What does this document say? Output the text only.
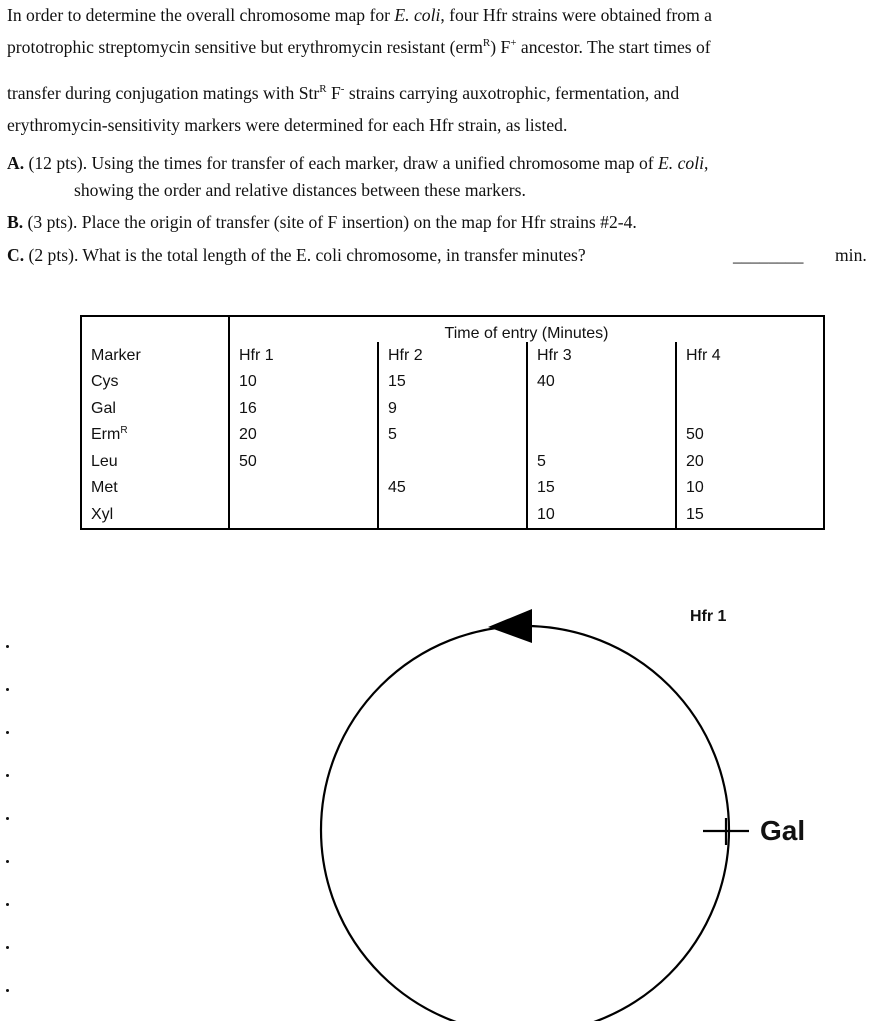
In order to determine the overall chromosome map for E. coli, four Hfr strains were obtained from a
prototrophic streptomycin sensitive but erythromycin resistant (erm$^R$) F+ ancestor. The start times of
transfer during conjugation matings with Str$^R$ F- strains carrying auxotrophic, fermentation, and
erythromycin-sensitivity markers were determined for each Hfr strain, as listed.
A. (12 pts). Using the times for transfer of each marker, draw a unified chromosome map of E. coli,
showing the order and relative distances between these markers.
B. (3 pts). Place the origin of transfer (site of F insertion) on the map for Hfr strains #2-4.
C. (2 pts). What is the total length of the E. coli chromosome, in transfer minutes?	________ min.
	Time of entry (Minutes)			
Marker	Hfr 1	Hfr 2	Hfr 3	Hfr 4
Cys	10	15	40	
Gal	16	9		
Erm$^R$	20	5		50
Leu	50		5	20
Met		45	15	10
Xyl			10	15
Hfr 1
Gal
